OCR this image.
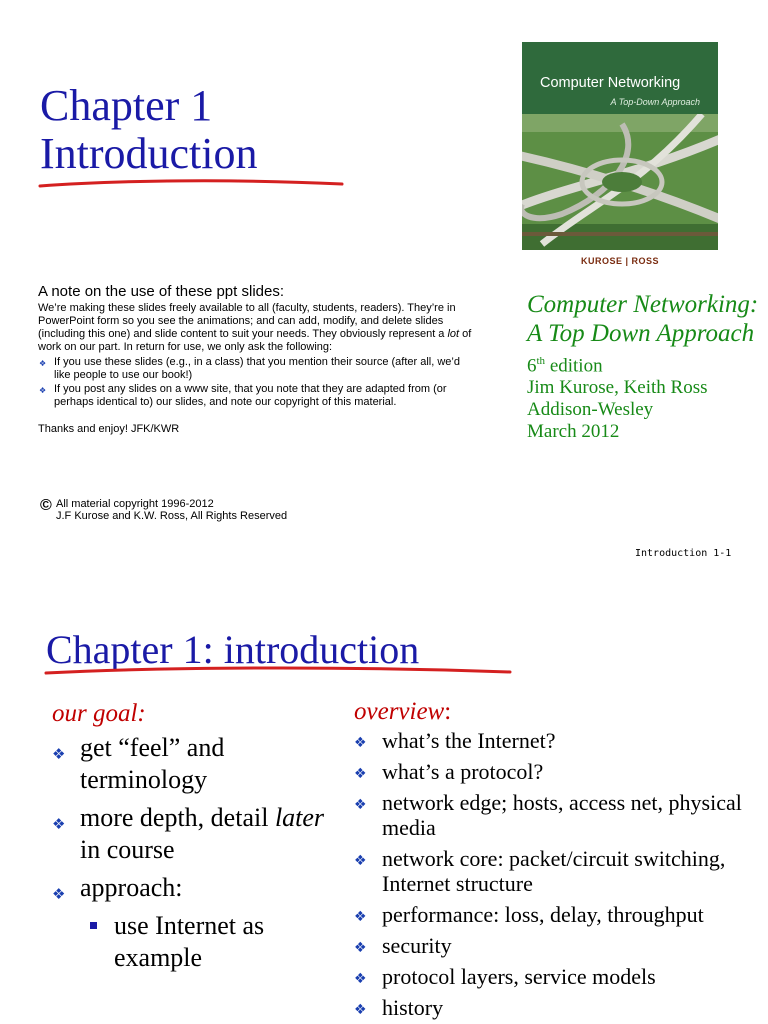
Chapter 1
Introduction
Computer Networking
A Top-Down Approach
KUROSE | ROSS
A note on the use of these ppt slides:

We’re making these slides freely available to all (faculty, students, readers). They’re in PowerPoint form so you see the animations; and can add, modify, and delete slides (including this one) and slide content to suit your needs. They obviously represent a lot of work on our part. In return for use, we only ask the following:

❖ If you use these slides (e.g., in a class) that you mention their source (after all, we’d like people to use our book!)
❖ If you post any slides on a www site, that you note that they are adapted from (or perhaps identical to) our slides, and note our copyright of this material.

Thanks and enjoy! JFK/KWR

© All material copyright 1996-2012
J.F Kurose and K.W. Ross, All Rights Reserved
Computer Networking: A Top Down Approach
6th edition
Jim Kurose, Keith Ross
Addison-Wesley
March 2012
Introduction 1-1
Chapter 1: introduction
our goal:
❖ get “feel” and terminology
❖ more depth, detail later in course
❖ approach:
use Internet as example
overview:
❖ what’s the Internet?
❖ what’s a protocol?
❖ network edge; hosts, access net, physical media
❖ network core: packet/circuit switching, Internet structure
❖ performance: loss, delay, throughput
❖ security
❖ protocol layers, service models
❖ history
